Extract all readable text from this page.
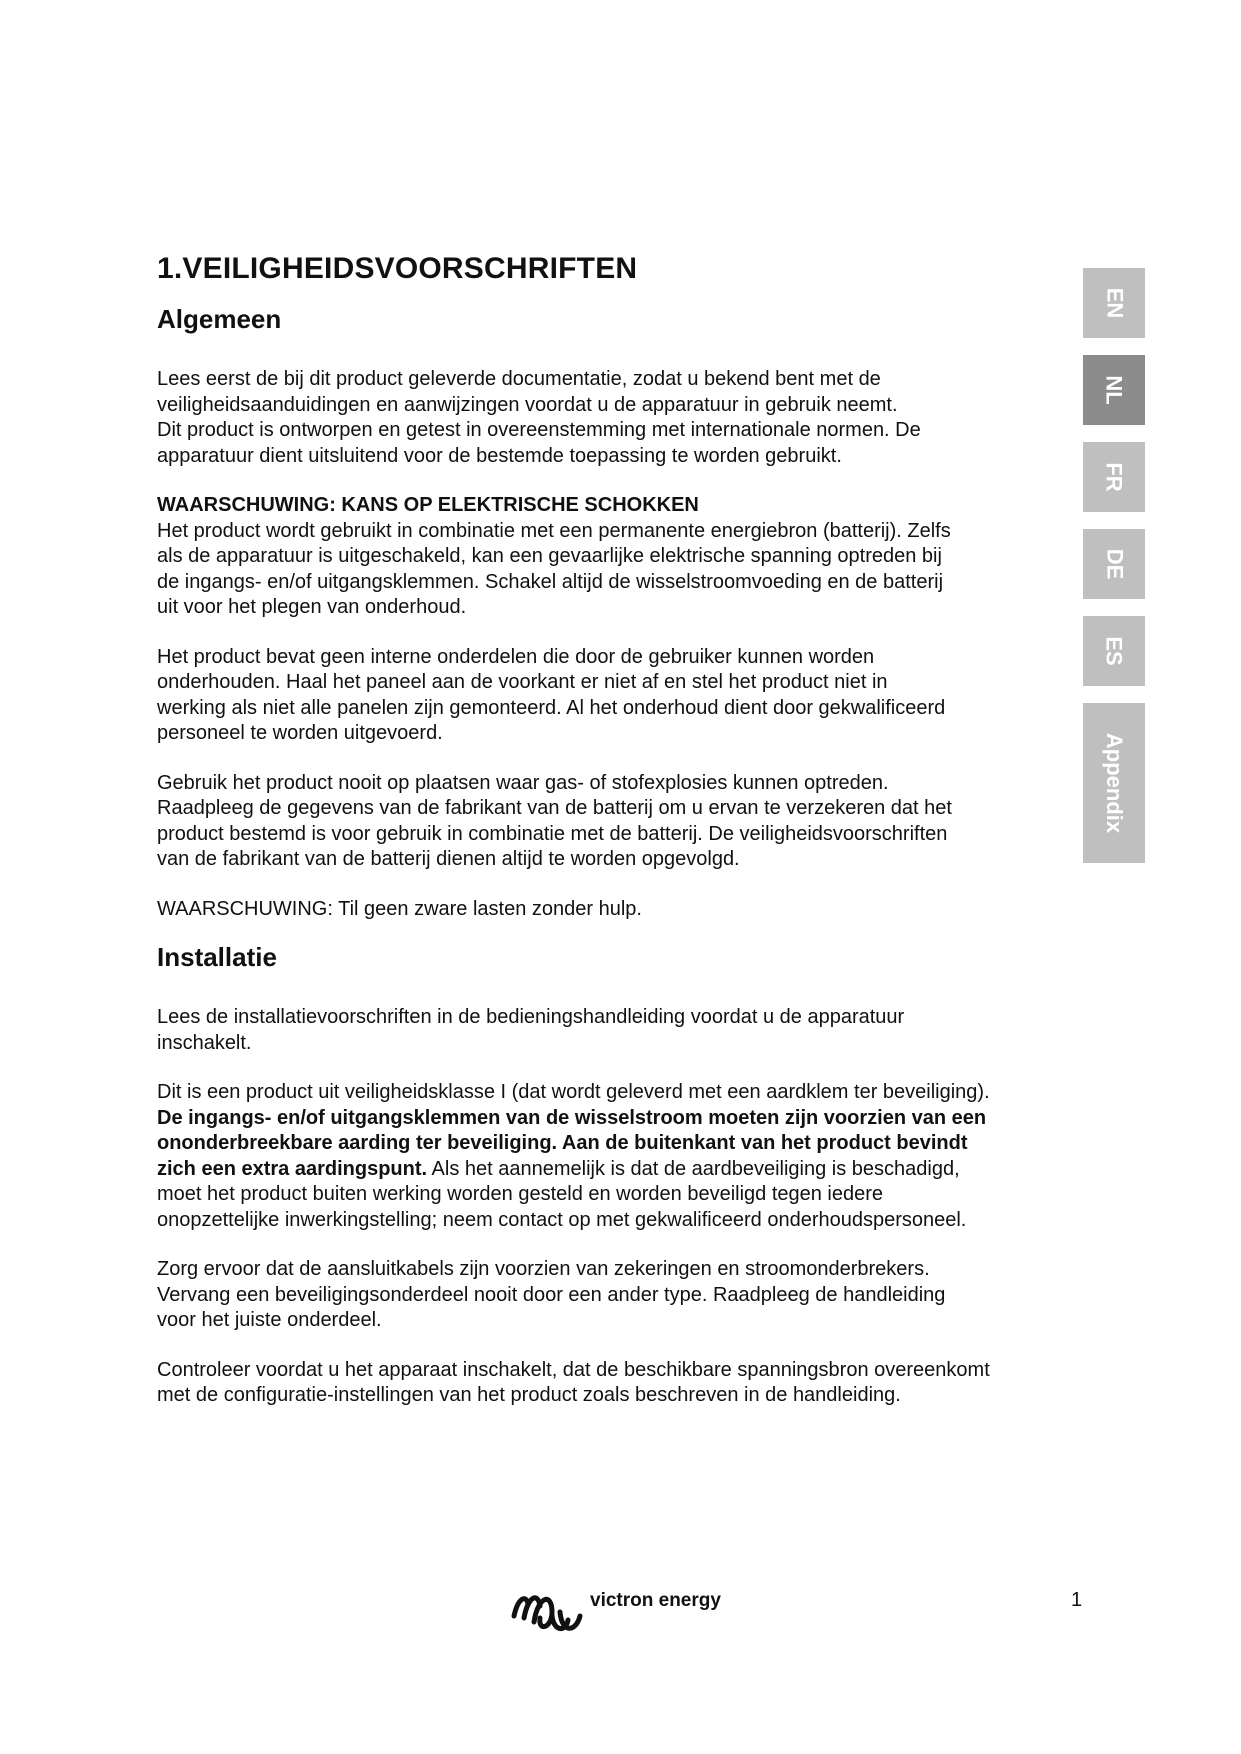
1.VEILIGHEIDSVOORSCHRIFTEN
Algemeen

Lees eerst de bij dit product geleverde documentatie, zodat u bekend bent met de
veiligheidsaanduidingen en aanwijzingen voordat u de apparatuur in gebruik neemt.
Dit product is ontworpen en getest in overeenstemming met internationale normen. De
apparatuur dient uitsluitend voor de bestemde toepassing te worden gebruikt.

WAARSCHUWING: KANS OP ELEKTRISCHE SCHOKKEN
Het product wordt gebruikt in combinatie met een permanente energiebron (batterij). Zelfs
als de apparatuur is uitgeschakeld, kan een gevaarlijke elektrische spanning optreden bij
de ingangs- en/of uitgangsklemmen. Schakel altijd de wisselstroomvoeding en de batterij
uit voor het plegen van onderhoud.

Het product bevat geen interne onderdelen die door de gebruiker kunnen worden
onderhouden. Haal het paneel aan de voorkant er niet af en stel het product niet in
werking als niet alle panelen zijn gemonteerd. Al het onderhoud dient door gekwalificeerd
personeel te worden uitgevoerd.

Gebruik het product nooit op plaatsen waar gas- of stofexplosies kunnen optreden.
Raadpleeg de gegevens van de fabrikant van de batterij om u ervan te verzekeren dat het
product bestemd is voor gebruik in combinatie met de batterij. De veiligheidsvoorschriften
van de fabrikant van de batterij dienen altijd te worden opgevolgd.

WAARSCHUWING: Til geen zware lasten zonder hulp.

Installatie

Lees de installatievoorschriften in de bedieningshandleiding voordat u de apparatuur
inschakelt.

Dit is een product uit veiligheidsklasse I (dat wordt geleverd met een aardklem ter beveiliging).
De ingangs- en/of uitgangsklemmen van de wisselstroom moeten zijn voorzien van een
ononderbreekbare aarding ter beveiliging. Aan de buitenkant van het product bevindt
zich een extra aardingspunt. Als het aannemelijk is dat de aardbeveiliging is beschadigd,
moet het product buiten werking worden gesteld en worden beveiligd tegen iedere
onopzettelijke inwerkingstelling; neem contact op met gekwalificeerd onderhoudspersoneel.

Zorg ervoor dat de aansluitkabels zijn voorzien van zekeringen en stroomonderbrekers.
Vervang een beveiligingsonderdeel nooit door een ander type. Raadpleeg de handleiding
voor het juiste onderdeel.

Controleer voordat u het apparaat inschakelt, dat de beschikbare spanningsbron overeenkomt
met de configuratie-instellingen van het product zoals beschreven in de handleiding.

EN
NL
FR
DE
ES
Appendix
victron energy	1
